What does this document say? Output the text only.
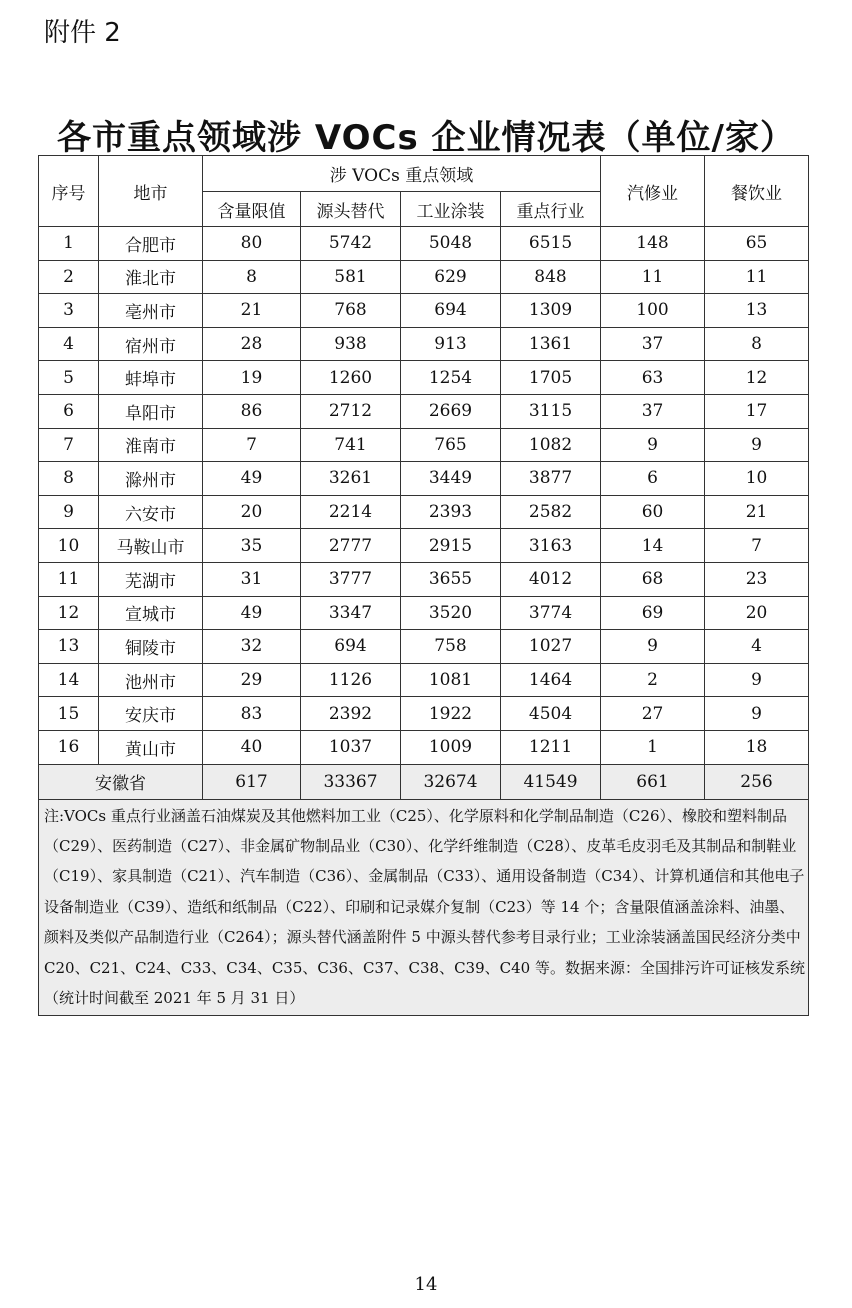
附件 2
各市重点领域涉 VOCs 企业情况表（单位/家）
序号	地市	涉 VOCs 重点领域				汽修业	餐饮业
		含量限值	源头替代	工业涂装	重点行业		
1	合肥市	80	5742	5048	6515	148	65
2	淮北市	8	581	629	848	11	11
3	亳州市	21	768	694	1309	100	13
4	宿州市	28	938	913	1361	37	8
5	蚌埠市	19	1260	1254	1705	63	12
6	阜阳市	86	2712	2669	3115	37	17
7	淮南市	7	741	765	1082	9	9
8	滁州市	49	3261	3449	3877	6	10
9	六安市	20	2214	2393	2582	60	21
10	马鞍山市	35	2777	2915	3163	14	7
11	芜湖市	31	3777	3655	4012	68	23
12	宣城市	49	3347	3520	3774	69	20
13	铜陵市	32	694	758	1027	9	4
14	池州市	29	1126	1081	1464	2	9
15	安庆市	83	2392	1922	4504	27	9
16	黄山市	40	1037	1009	1211	1	18
安徽省		617	33367	32674	41549	661	256
注:VOCs 重点行业涵盖石油煤炭及其他燃料加工业（C25）、化学原料和化学制品制造（C26）、橡胶和塑料制品（C29）、医药制造（C27）、非金属矿物制品业（C30）、化学纤维制造（C28）、皮革毛皮羽毛及其制品和制鞋业（C19）、家具制造（C21）、汽车制造（C36）、金属制品（C33）、通用设备制造（C34）、计算机通信和其他电子设备制造业（C39）、造纸和纸制品（C22）、印刷和记录媒介复制（C23）等 14 个；含量限值涵盖涂料、油墨、颜料及类似产品制造行业（C264）；源头替代涵盖附件 5 中源头替代参考目录行业；工业涂装涵盖国民经济分类中 C20、C21、C24、C33、C34、C35、C36、C37、C38、C39、C40 等。数据来源：全国排污许可证核发系统（统计时间截至 2021 年 5 月 31 日）							
14
